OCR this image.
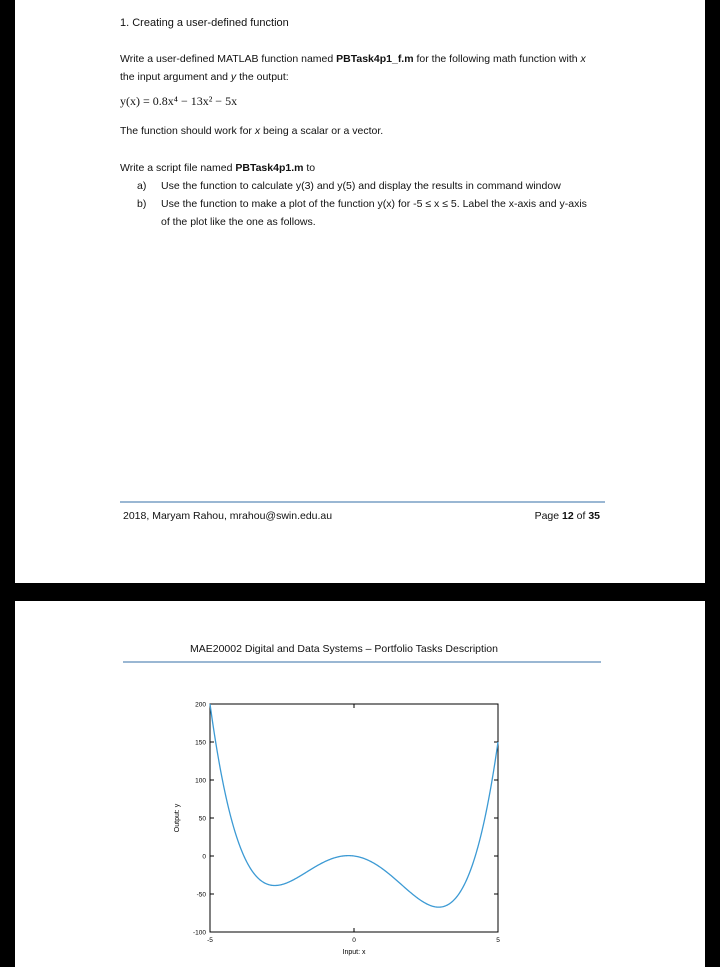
1. Creating a user-defined function
Write a user-defined MATLAB function named PBTask4p1_f.m for the following math function with x the input argument and y the output:
y(x) = 0.8x⁴ − 13x² − 5x
The function should work for x being a scalar or a vector.
Write a script file named PBTask4p1.m to
a)	Use the function to calculate y(3) and y(5) and display the results in command window
b)	Use the function to make a plot of the function y(x) for -5 ≤ x ≤ 5. Label the x-axis and y-axis of the plot like the one as follows.
2018, Maryam Rahou, mrahou@swin.edu.au	Page 12 of 35
MAE20002 Digital and Data Systems – Portfolio Tasks Description
-100
-50
0
50
100
150
200
-5	0	5
Input: x
Output: y
